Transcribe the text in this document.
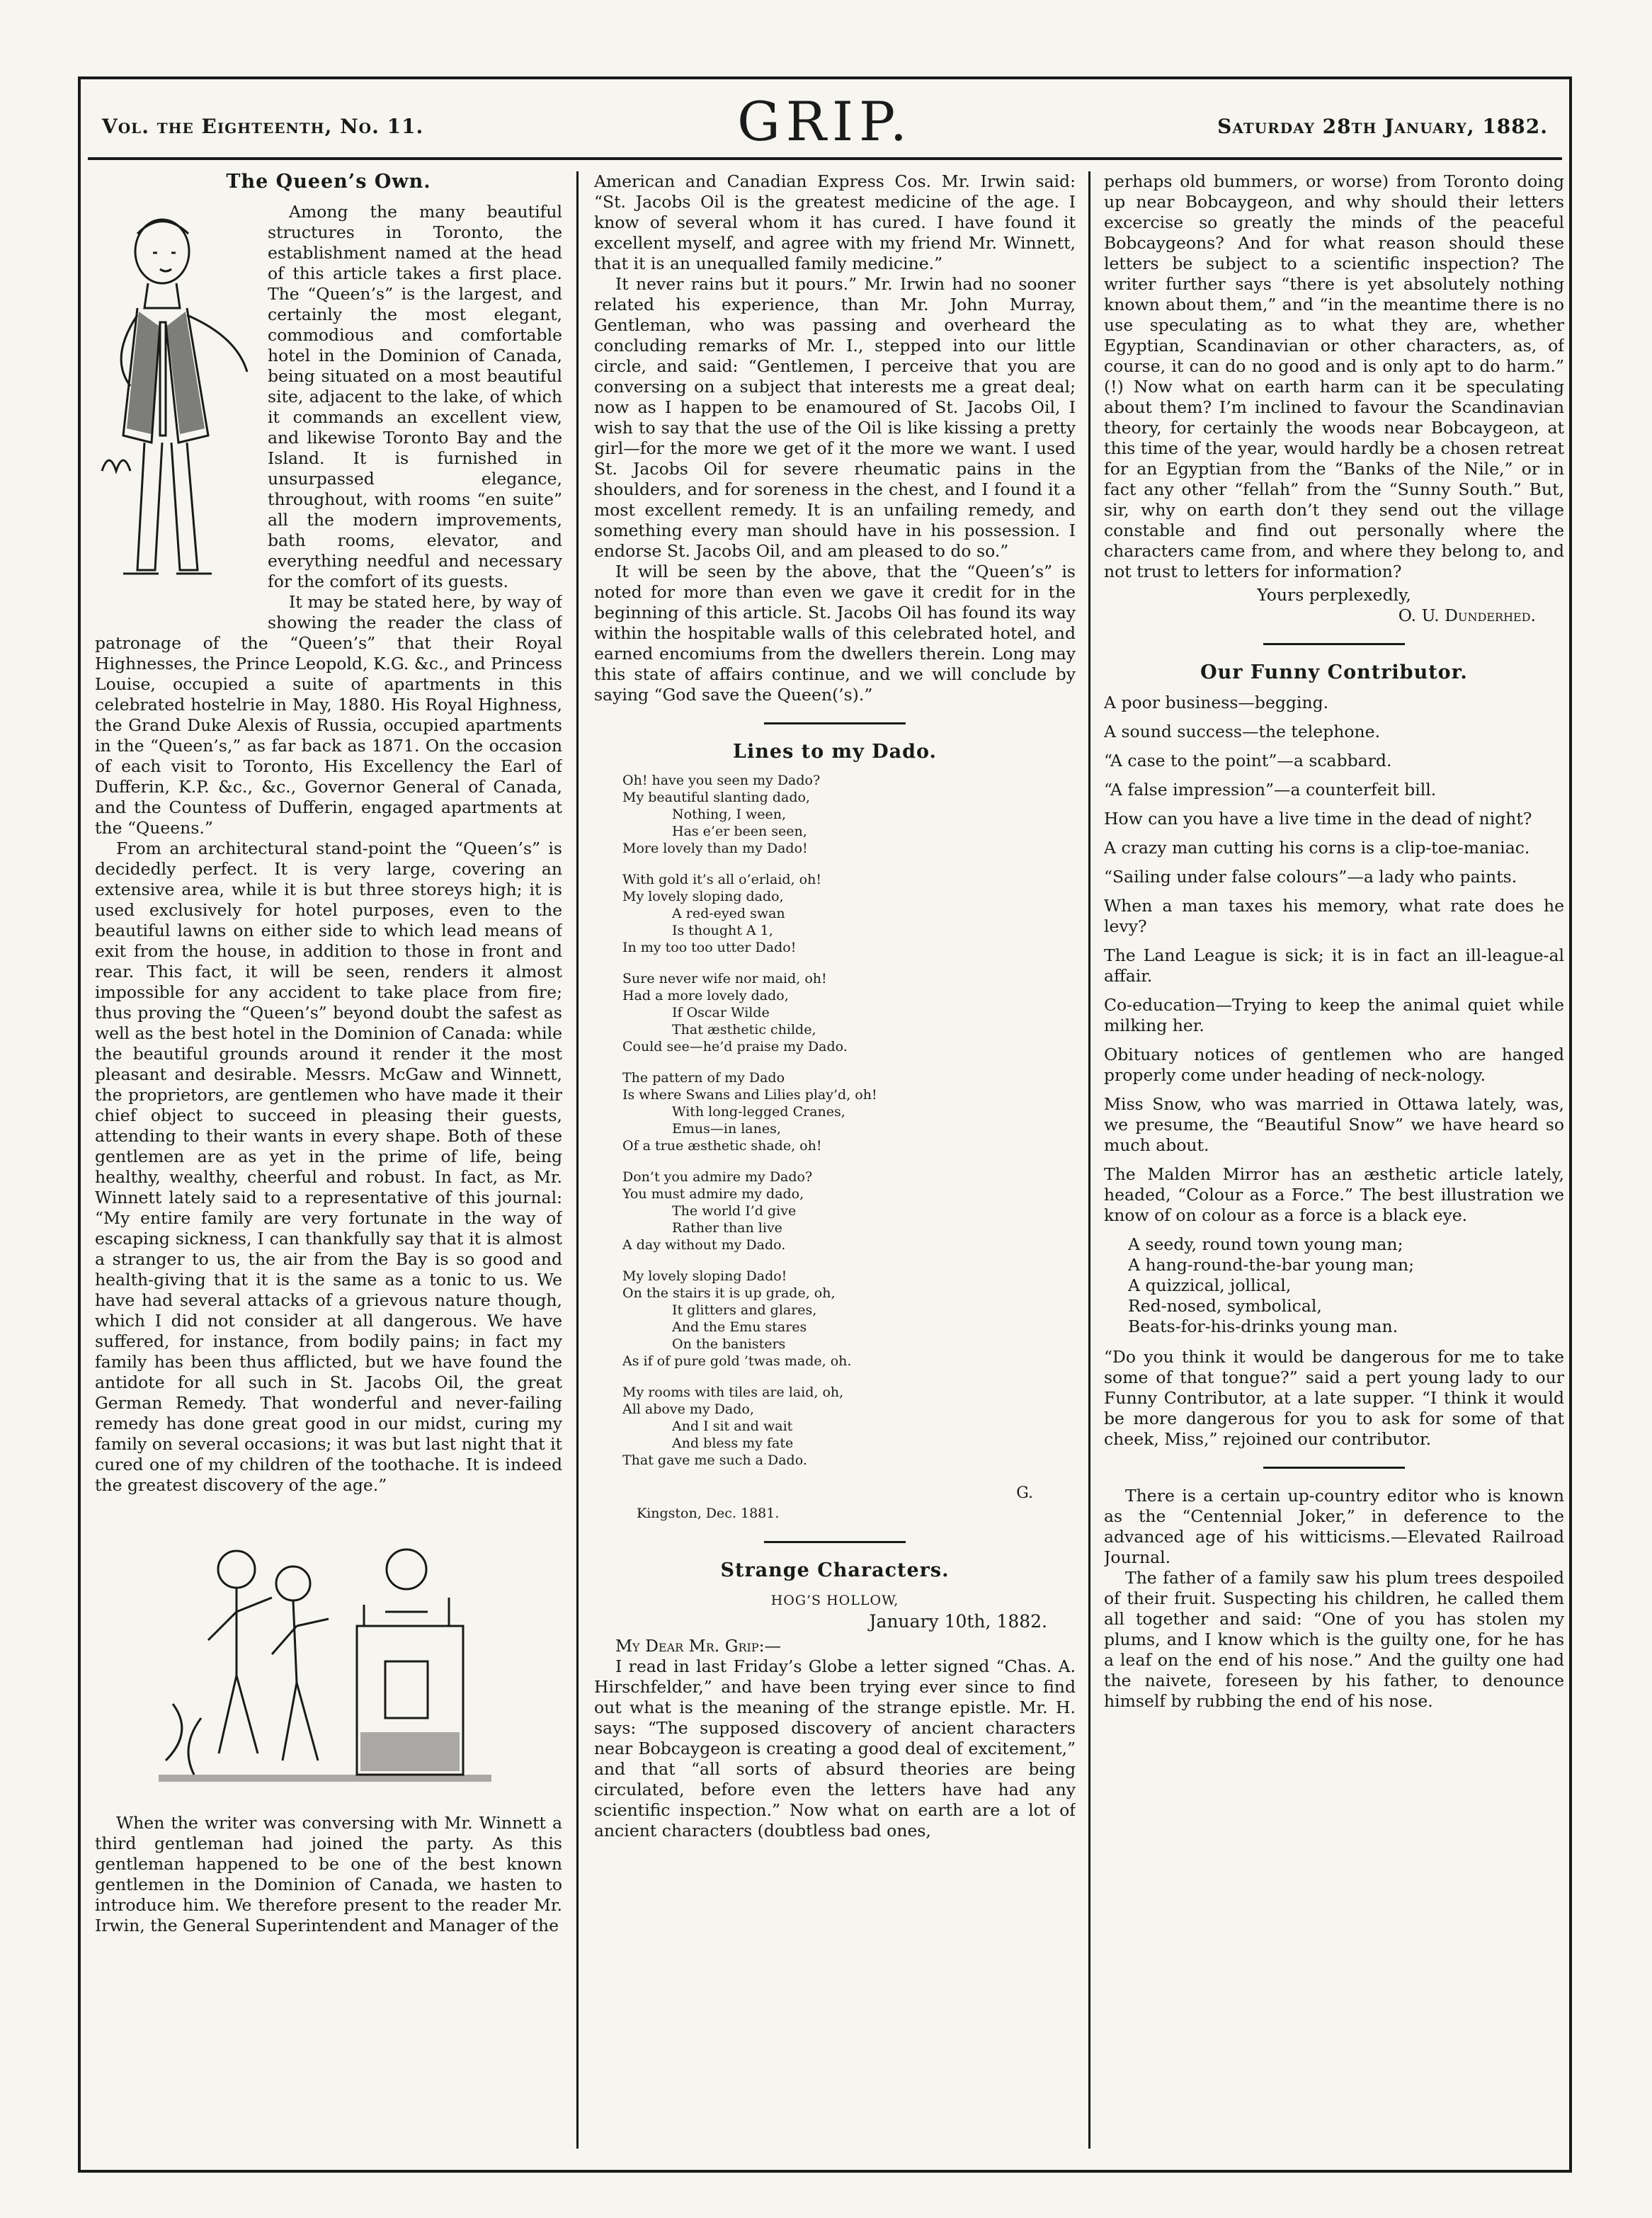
Vol. the Eighteenth, No. 11.	GRIP.	Saturday 28th January, 1882.
The Queen’s Own.

Among the many beautiful structures in Toronto, the establishment named at the head of this article takes a first place. The “Queen’s” is the largest, and certainly the most elegant, commodious and comfortable hotel in the Dominion of Canada, being situated on a most beautiful site, adjacent to the lake, of which it commands an excellent view, and likewise Toronto Bay and the Island. It is furnished in unsurpassed elegance, throughout, with rooms “en suite” all the modern improvements, bath rooms, elevator, and everything needful and necessary for the comfort of its guests.

It may be stated here, by way of showing the reader the class of patronage of the “Queen’s” that their Royal Highnesses, the Prince Leopold, K.G. &c., and Princess Louise, occupied a suite of apartments in this celebrated hostelrie in May, 1880. His Royal Highness, the Grand Duke Alexis of Russia, occupied apartments in the “Queen’s,” as far back as 1871. On the occasion of each visit to Toronto, His Excellency the Earl of Dufferin, K.P. &c., &c., Governor General of Canada, and the Countess of Dufferin, engaged apartments at the “Queens.”

From an architectural stand-point the “Queen’s” is decidedly perfect. It is very large, covering an extensive area, while it is but three storeys high; it is used exclusively for hotel purposes, even to the beautiful lawns on either side to which lead means of exit from the house, in addition to those in front and rear. This fact, it will be seen, renders it almost impossible for any accident to take place from fire; thus proving the “Queen’s” beyond doubt the safest as well as the best hotel in the Dominion of Canada: while the beautiful grounds around it render it the most pleasant and desirable. Messrs. McGaw and Winnett, the proprietors, are gentlemen who have made it their chief object to succeed in pleasing their guests, attending to their wants in every shape. Both of these gentlemen are as yet in the prime of life, being healthy, wealthy, cheerful and robust. In fact, as Mr. Winnett lately said to a representative of this journal: “My entire family are very fortunate in the way of escaping sickness, I can thankfully say that it is almost a stranger to us, the air from the Bay is so good and health-giving that it is the same as a tonic to us. We have had several attacks of a grievous nature though, which I did not consider at all dangerous. We have suffered, for instance, from bodily pains; in fact my family has been thus afflicted, but we have found the antidote for all such in St. Jacobs Oil, the great German Remedy. That wonderful and never-failing remedy has done great good in our midst, curing my family on several occasions; it was but last night that it cured one of my children of the toothache. It is indeed the greatest discovery of the age.”

When the writer was conversing with Mr. Winnett a third gentleman had joined the party. As this gentleman happened to be one of the best known gentlemen in the Dominion of Canada, we hasten to introduce him. We therefore present to the reader Mr. Irwin, the General Superintendent and Manager of the

American and Canadian Express Cos. Mr. Irwin said: “St. Jacobs Oil is the greatest medicine of the age. I know of several whom it has cured. I have found it excellent myself, and agree with my friend Mr. Winnett, that it is an unequalled family medicine.”

It never rains but it pours.” Mr. Irwin had no sooner related his experience, than Mr. John Murray, Gentleman, who was passing and overheard the concluding remarks of Mr. I., stepped into our little circle, and said: “Gentlemen, I perceive that you are conversing on a subject that interests me a great deal; now as I happen to be enamoured of St. Jacobs Oil, I wish to say that the use of the Oil is like kissing a pretty girl—for the more we get of it the more we want. I used St. Jacobs Oil for severe rheumatic pains in the shoulders, and for soreness in the chest, and I found it a most excellent remedy. It is an unfailing remedy, and something every man should have in his possession. I endorse St. Jacobs Oil, and am pleased to do so.”

It will be seen by the above, that the “Queen’s” is noted for more than even we gave it credit for in the beginning of this article. St. Jacobs Oil has found its way within the hospitable walls of this celebrated hotel, and earned encomiums from the dwellers therein. Long may this state of affairs continue, and we will conclude by saying “God save the Queen(’s).”

Lines to my Dado.
Oh! have you seen my Dado?
My beautiful slanting dado,
Nothing, I ween,
Has e’er been seen,
More lovely than my Dado!
With gold it’s all o’erlaid, oh!
My lovely sloping dado,
A red-eyed swan
Is thought A 1,
In my too too utter Dado!
Sure never wife nor maid, oh!
Had a more lovely dado,
If Oscar Wilde
That æsthetic childe,
Could see—he’d praise my Dado.
The pattern of my Dado
Is where Swans and Lilies play’d, oh!
With long-legged Cranes,
Emus—in lanes,
Of a true æsthetic shade, oh!
Don’t you admire my Dado?
You must admire my dado,
The world I’d give
Rather than live
A day without my Dado.
My lovely sloping Dado!
On the stairs it is up grade, oh,
It glitters and glares,
And the Emu stares
On the banisters
As if of pure gold ’twas made, oh.
My rooms with tiles are laid, oh,
All above my Dado,
And I sit and wait
And bless my fate
That gave me such a Dado.
G.
Kingston, Dec. 1881.
Strange Characters.
HOG’S HOLLOW,
January 10th, 1882.

My Dear Mr. Grip:—

I read in last Friday’s Globe a letter signed “Chas. A. Hirschfelder,” and have been trying ever since to find out what is the meaning of the strange epistle. Mr. H. says: “The supposed discovery of ancient characters near Bobcaygeon is creating a good deal of excitement,” and that “all sorts of absurd theories are being circulated, before even the letters have had any scientific inspection.” Now what on earth are a lot of ancient characters (doubtless bad ones,

perhaps old bummers, or worse) from Toronto doing up near Bobcaygeon, and why should their letters excercise so greatly the minds of the peaceful Bobcaygeons? And for what reason should these letters be subject to a scientific inspection? The writer further says “there is yet absolutely nothing known about them,” and “in the meantime there is no use speculating as to what they are, whether Egyptian, Scandinavian or other characters, as, of course, it can do no good and is only apt to do harm.” (!) Now what on earth harm can it be speculating about them? I’m inclined to favour the Scandinavian theory, for certainly the woods near Bobcaygeon, at this time of the year, would hardly be a chosen retreat for an Egyptian from the “Banks of the Nile,” or in fact any other “fellah” from the “Sunny South.” But, sir, why on earth don’t they send out the village constable and find out personally where the characters came from, and where they belong to, and not trust to letters for information?

Yours perplexedly,
O. U. Dunderhed.
Our Funny Contributor.

A poor business—begging.

A sound success—the telephone.

“A case to the point”—a scabbard.

“A false impression”—a counterfeit bill.

How can you have a live time in the dead of night?

A crazy man cutting his corns is a clip-toe-maniac.

“Sailing under false colours”—a lady who paints.

When a man taxes his memory, what rate does he levy?

The Land League is sick; it is in fact an ill-league-al affair.

Co-education—Trying to keep the animal quiet while milking her.

Obituary notices of gentlemen who are hanged properly come under heading of neck-nology.

Miss Snow, who was married in Ottawa lately, was, we presume, the “Beautiful Snow” we have heard so much about.

The Malden Mirror has an æsthetic article lately, headed, “Colour as a Force.” The best illustration we know of on colour as a force is a black eye.

A seedy, round town young man;
A hang-round-the-bar young man;
A quizzical, jollical,
Red-nosed, symbolical,
Beats-for-his-drinks young man.

“Do you think it would be dangerous for me to take some of that tongue?” said a pert young lady to our Funny Contributor, at a late supper. “I think it would be more dangerous for you to ask for some of that cheek, Miss,” rejoined our contributor.

There is a certain up-country editor who is known as the “Centennial Joker,” in deference to the advanced age of his witticisms.—Elevated Railroad Journal.

The father of a family saw his plum trees despoiled of their fruit. Suspecting his children, he called them all together and said: “One of you has stolen my plums, and I know which is the guilty one, for he has a leaf on the end of his nose.” And the guilty one had the naivete, foreseen by his father, to denounce himself by rubbing the end of his nose.
